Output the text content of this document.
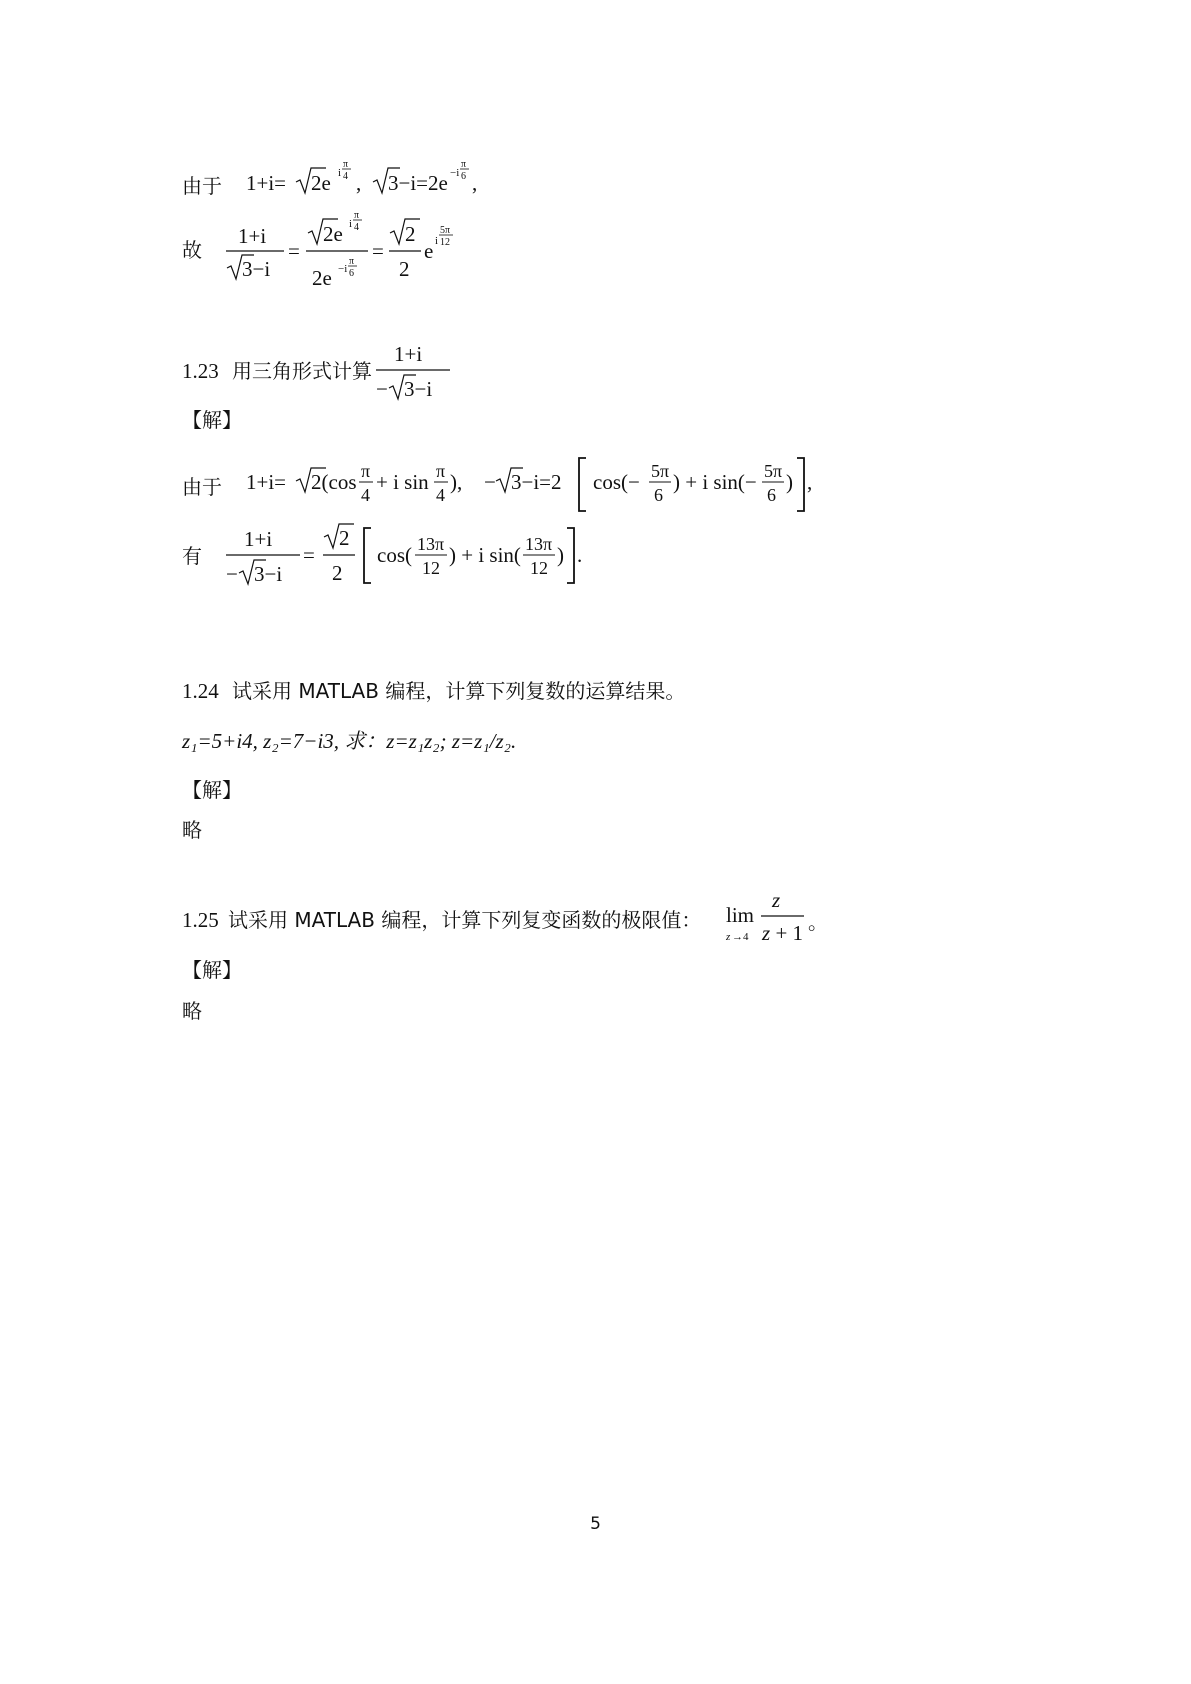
由于 1+i= 2e i
π
4 , 3−i=2e −i
π
6 ,
故
1+i
3−i
=
2e i
π
4
2e −i
π
6
=
2
2
e i
5π
12
1.23 用三角形式计算
1+i
− 3−i
【解】
由于 1+i= 2(cos π
4
+ i sin π
4
), − 3−i=2 cos(− 5π
6
) + i sin(− 5π
6
) ,
有
1+i
− 3−i
=
2
2
cos( 13π
12
) + i sin( 13π
12
) .
1.24 试采用 MATLAB 编程，计算下列复数的运算结果。
z₁=5+i4, z₂=7−i3, 求：z=z₁z₂; z=z₁/z₂.
【解】
略
1.25 试采用 MATLAB 编程，计算下列复变函数的极限值： lim
z →4
z
z + 1 。
【解】
略
5
